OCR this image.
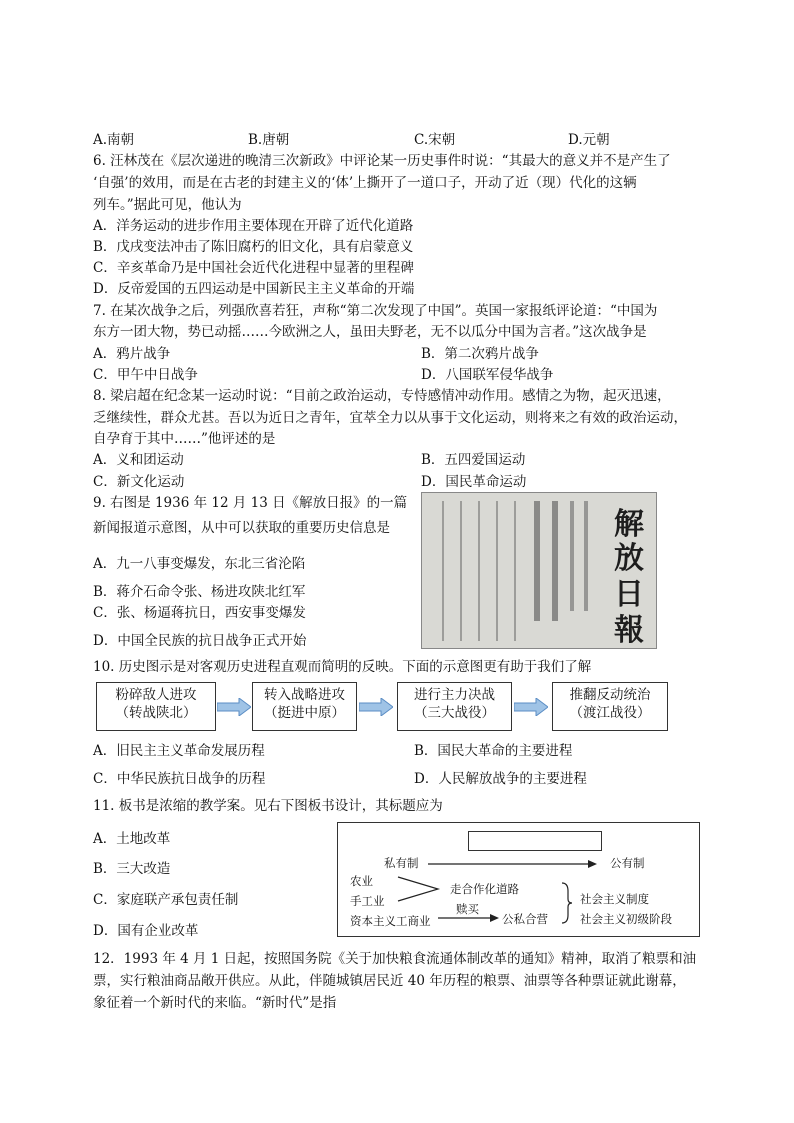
A.南朝	B.唐朝	C.宋朝	D.元朝
6. 汪林茂在《层次递进的晚清三次新政》中评论某一历史事件时说：“其最大的意义并不是产生了
‘自强’的效用，而是在古老的封建主义的‘体’上撕开了一道口子，开动了近（现）代化的这辆
列车。”据此可见，他认为
A．洋务运动的进步作用主要体现在开辟了近代化道路
B．戊戌变法冲击了陈旧腐朽的旧文化，具有启蒙意义
C．辛亥革命乃是中国社会近代化进程中显著的里程碑
D．反帝爱国的五四运动是中国新民主主义革命的开端
7. 在某次战争之后，列强欣喜若狂，声称“第二次发现了中国”。英国一家报纸评论道：“中国为
东方一团大物，势已动摇……今欧洲之人，虽田夫野老，无不以瓜分中国为言者。”这次战争是
A．鸦片战争	B．第二次鸦片战争
C．甲午中日战争	D．八国联军侵华战争
8. 梁启超在纪念某一运动时说：“目前之政治运动，专恃感情冲动作用。感情之为物，起灭迅速，
乏继续性，群众尤甚。吾以为近日之青年，宜萃全力以从事于文化运动，则将来之有效的政治运动，
自孕育于其中……”他评述的是
A．义和团运动	B．五四爱国运动
C．新文化运动	D．国民革命运动
9. 右图是 1936 年 12 月 13 日《解放日报》的一篇
新闻报道示意图，从中可以获取的重要历史信息是
A．九一八事变爆发，东北三省沦陷
B．蒋介石命令张、杨进攻陕北红军
C．张、杨逼蒋抗日，西安事变爆发
D．中国全民族的抗日战争正式开始
解
放
日
報
10. 历史图示是对客观历史进程直观而简明的反映。下面的示意图更有助于我们了解
粉碎敌人进攻
（转战陕北）
转入战略进攻
（挺进中原）
进行主力决战
（三大战役）
推翻反动统治
（渡江战役）
A．旧民主主义革命发展历程	B．国民大革命的主要进程
C．中华民族抗日战争的历程	D．人民解放战争的主要进程
11. 板书是浓缩的教学案。见右下图板书设计，其标题应为
A．土地改革
B．三大改造
C．家庭联产承包责任制
D．国有企业改革
私有制	公有制
农业
手工业
资本主义工商业
走合作化道路
赎买
公私合营
社会主义制度
社会主义初级阶段
12．1993 年 4 月 1 日起，按照国务院《关于加快粮食流通体制改革的通知》精神，取消了粮票和油
票，实行粮油商品敞开供应。从此，伴随城镇居民近 40 年历程的粮票、油票等各种票证就此谢幕，
象征着一个新时代的来临。“新时代”是指
